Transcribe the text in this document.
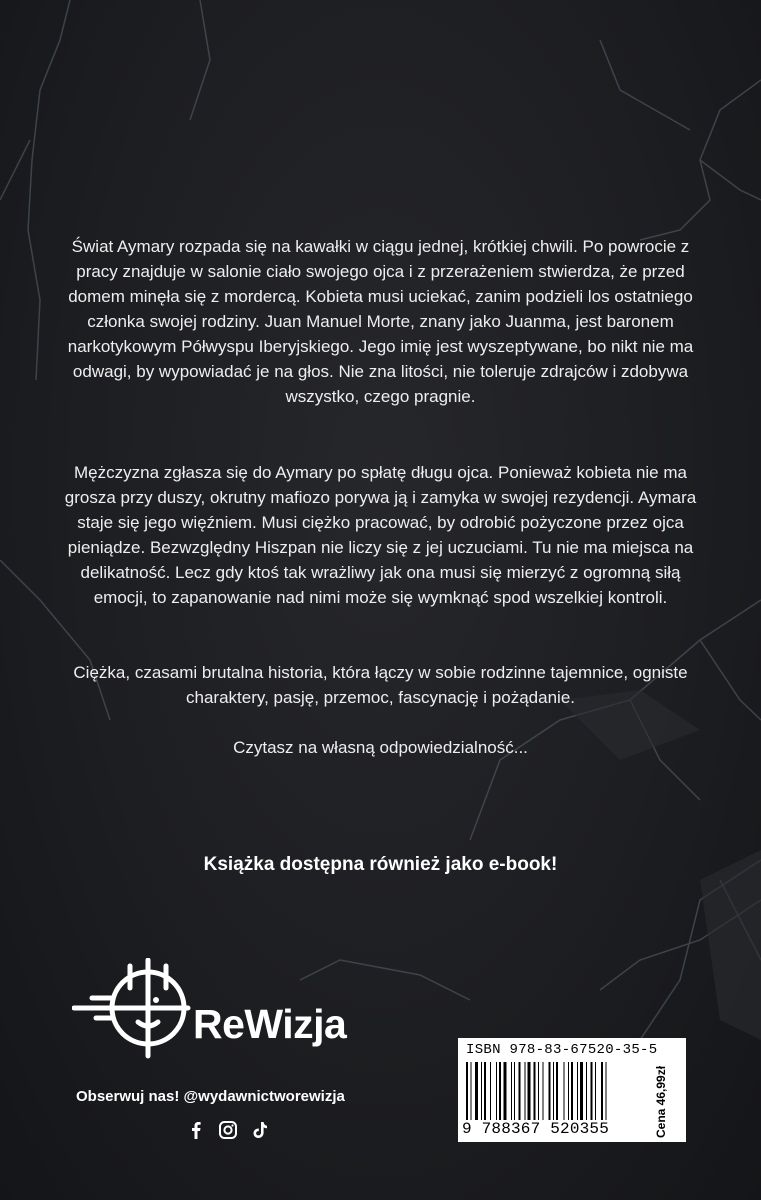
Świat Aymary rozpada się na kawałki w ciągu jednej, krótkiej chwili. Po powrocie z pracy znajduje w salonie ciało swojego ojca i z przerażeniem stwierdza, że przed domem minęła się z mordercą. Kobieta musi uciekać, zanim podzieli los ostatniego członka swojej rodziny. Juan Manuel Morte, znany jako Juanma, jest baronem narkotykowym Półwyspu Iberyjskiego. Jego imię jest wyszeptywane, bo nikt nie ma odwagi, by wypowiadać je na głos. Nie zna litości, nie toleruje zdrajców i zdobywa wszystko, czego pragnie.

Mężczyzna zgłasza się do Aymary po spłatę długu ojca. Ponieważ kobieta nie ma grosza przy duszy, okrutny mafiozo porywa ją i zamyka w swojej rezydencji. Aymara staje się jego więźniem. Musi ciężko pracować, by odrobić pożyczone przez ojca pieniądze. Bezwzględny Hiszpan nie liczy się z jej uczuciami. Tu nie ma miejsca na delikatność. Lecz gdy ktoś tak wrażliwy jak ona musi się mierzyć z ogromną siłą emocji, to zapanowanie nad nimi może się wymknąć spod wszelkiej kontroli.

Ciężka, czasami brutalna historia, która łączy w sobie rodzinne tajemnice, ogniste charaktery, pasję, przemoc, fascynację i pożądanie.

Czytasz na własną odpowiedzialność...

Książka dostępna również jako e-book!

ReWizja
Obserwuj nas! @wydawnictworewizja
ISBN 978-83-67520-35-5
9 788367 520355	Cena 46,99zł
